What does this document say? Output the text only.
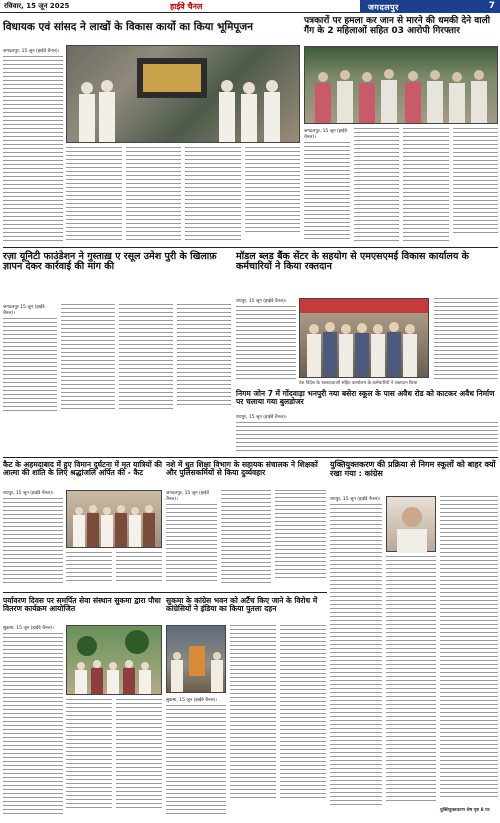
रविवार, 15 जून 2025	हाईवे चैनल	जगदलपुर	7
विधायक एवं सांसद ने लाखों के विकास कार्यो का किया भूमिपूजन
जगदलपुर, 15 जून (हाईवे चैनल)।
पत्रकारों पर हमला कर जान से मारने की धमकी देने वाली गैंग के 2 महिलाओं सहित 03 आरोपी गिरफ्तार
जगदलपुर, 15 जून (हाईवे चैनल)।
रज़ा यूनिटी फाउंडेशन ने गुस्ताख़ ए रसूल उमेश पुरी के खिलाफ़ ज्ञापन देकर कार्रवाई की मांग की
जगदलपुर 15 जून (हाईवे चैनल)।
मॉडल ब्लड बैंक सेंटर के सहयोग से एमएसएमई विकास कार्यालय के कर्मचारियों ने किया रक्तदान
रायपुर, 15 जून (हाईवे चैनल)।
देश विदेश के रक्तदाताओं सहित कार्यालय के कर्मचारियों ने रक्तदान किया
निगम जोन 7 में गोंदवाड़ा भनपुरी नया बसेरा स्कूल के पास अवैध रोड को काटकर अवैध निर्माण पर चलाया गया बुलडोजर
रायपुर, 15 जून (हाईवे चैनल)।
कैट के अहमदाबाद में हुए विमान दुर्घटना में मृत यात्रियों की आत्मा की शांति के लिए श्रद्धांजलि अर्पित की - कैट
रायपुर, 15 जून (हाईवे चैनल)।
नशे में धुत शिक्षा विभाग के सहायक संचालक ने शिक्षकों और पुलिसकर्मियों से किया दुर्व्यवहार
जगदलपुर, 15 जून (हाईवे चैनल)।
युक्तियुक्तकरण की प्रक्रिया से निगम स्कूलों को बाहर क्यों रखा गया : कांग्रेस
रायपुर, 15 जून (हाईवे चैनल)।
पर्यावरण दिवस पर समर्पित सेवा संस्थान सुकमा द्वारा पौधा वितरण कार्यक्रम आयोजित
सुकमा, 15 जून (हाईवे चैनल)।
सुकमा के कांग्रेस भवन को अर्टैच किए जाने के विरोध में कांग्रेसियों ने इंडिया का किया पुतला दहन
सुकमा, 15 जून (हाईवे चैनल)।
युक्तियुक्तकरण शेष पृष्ठ 8 पर
